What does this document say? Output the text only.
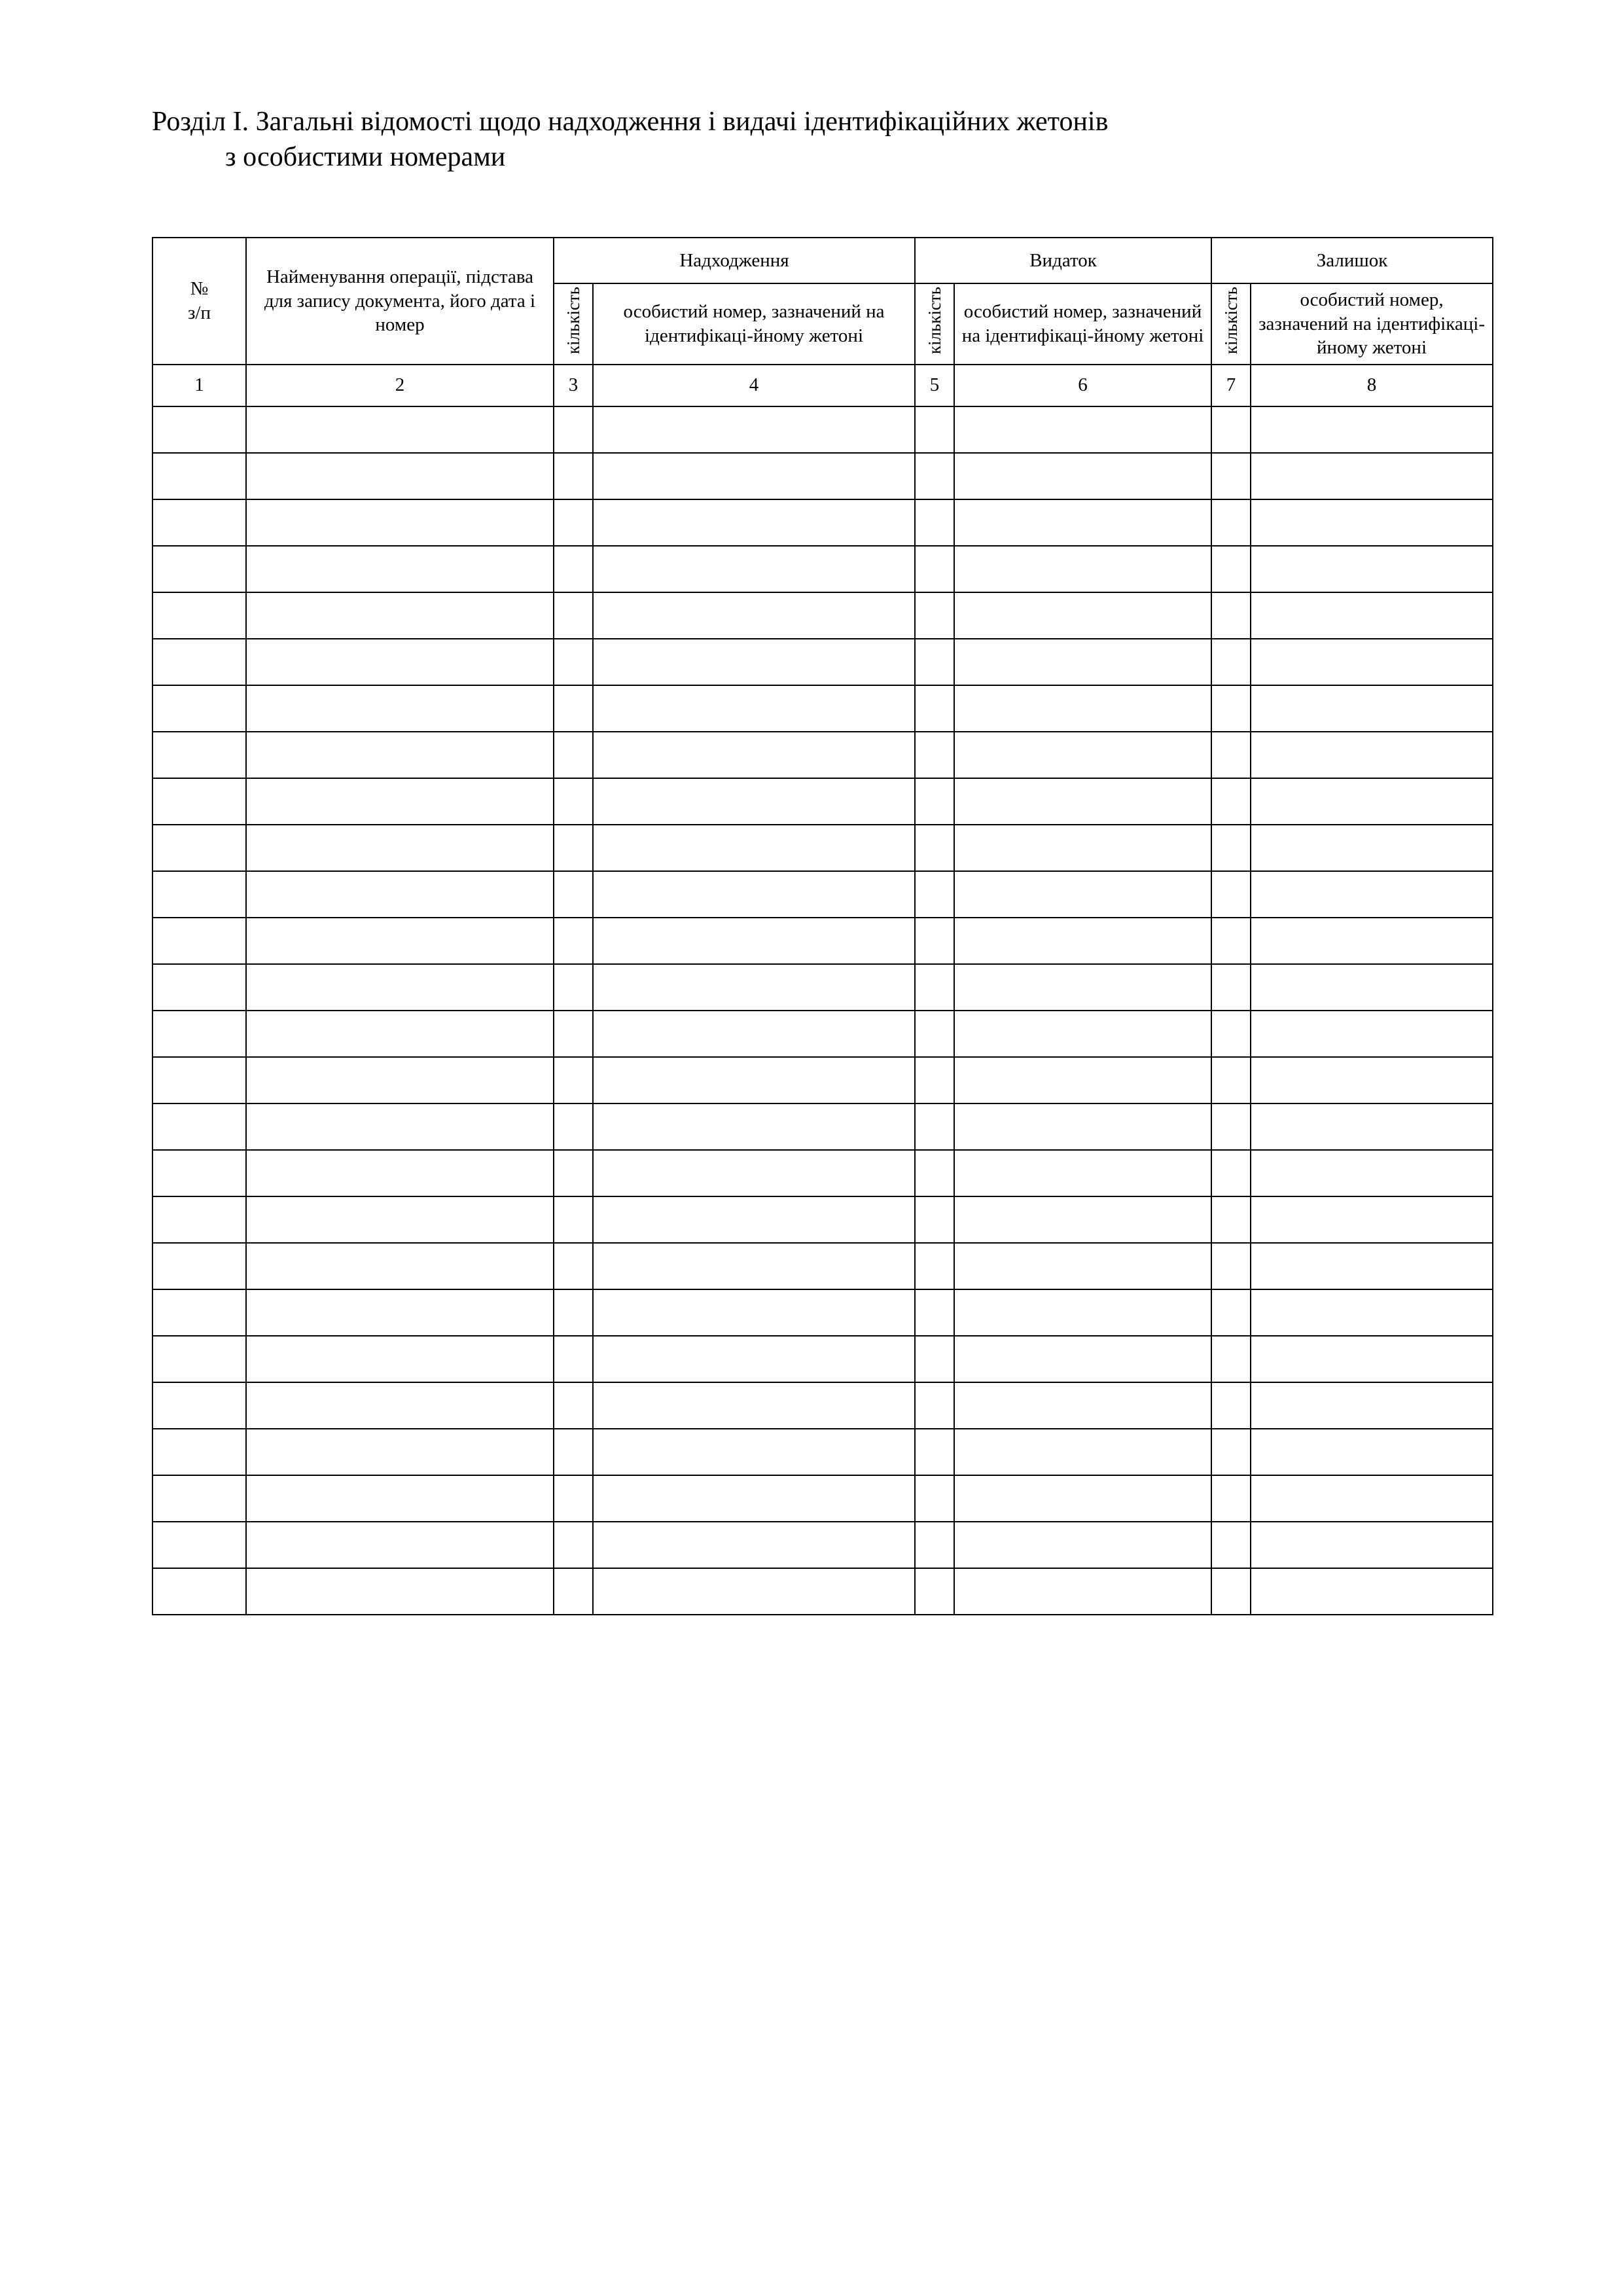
Розділ I. Загальні відомості щодо надходження і видачі ідентифікаційних жетонів
з особистими номерами
№
з/п	Найменування операції, підстава для запису документа, його дата і номер	Надходження		Видаток		Залишок	
		кількість	особистий номер, зазначений на ідентифікаці-йному жетоні	кількість	особистий номер, зазначений на ідентифікаці-йному жетоні	кількість	особистий номер, зазначений на ідентифікаці-йному жетоні

1	2	3	4	5	6	7	8
